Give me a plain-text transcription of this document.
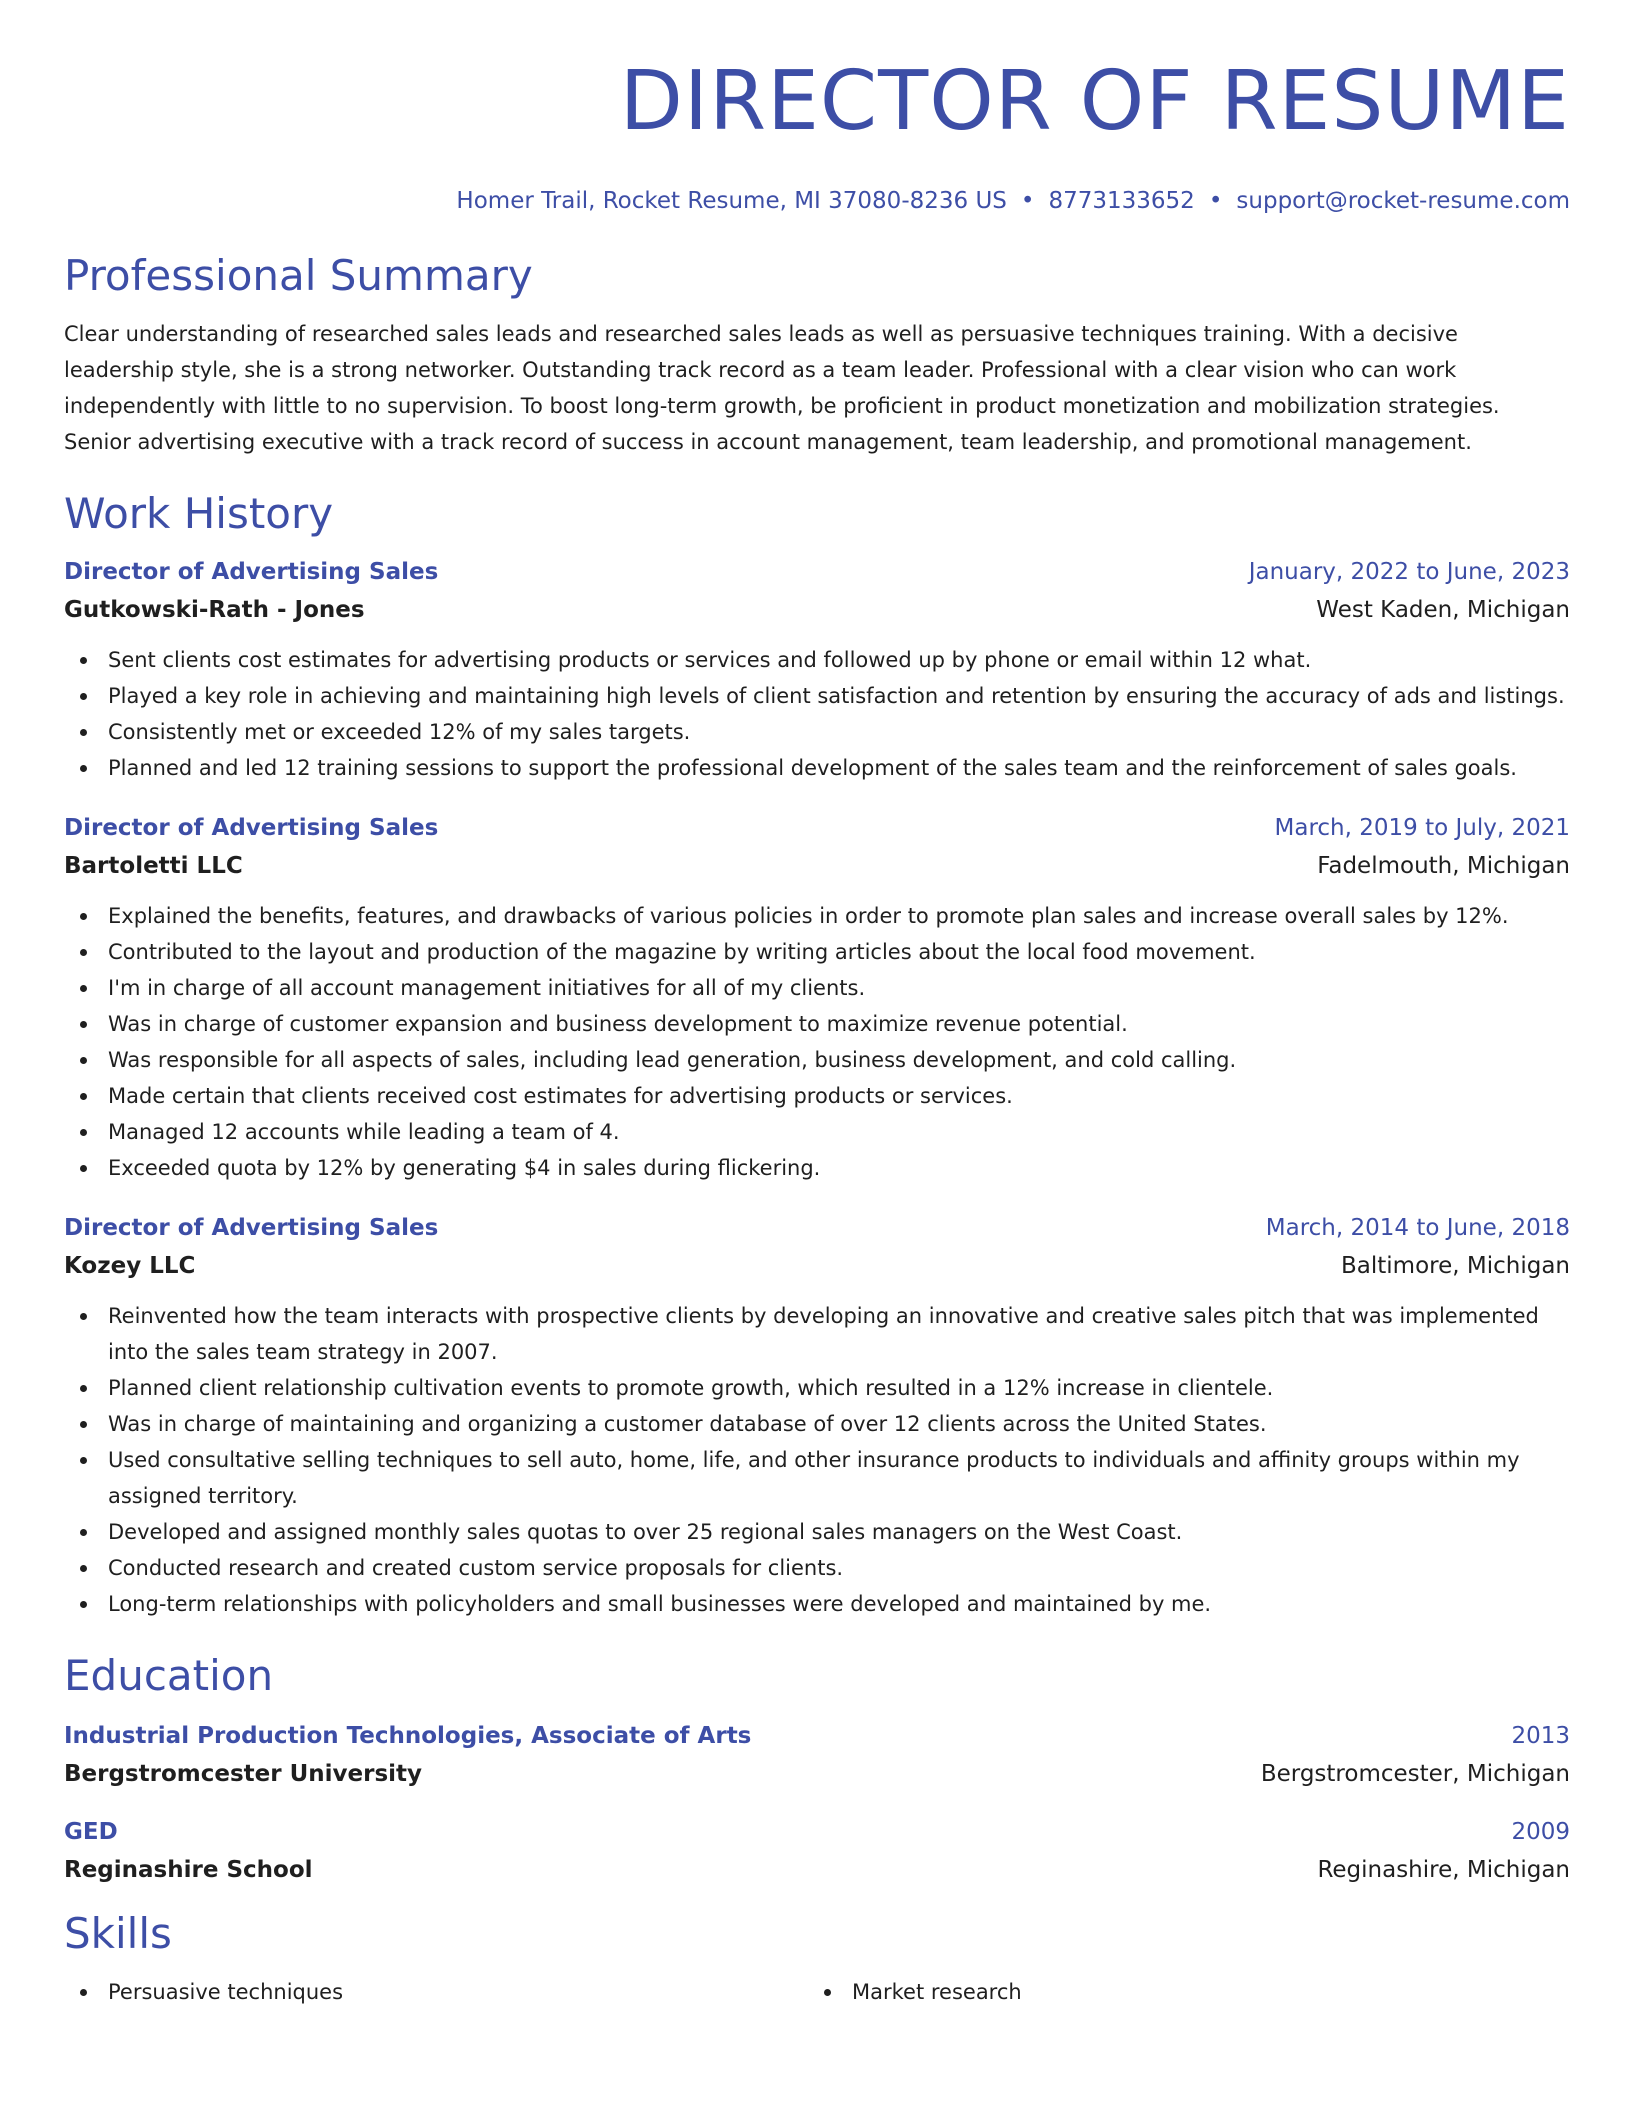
DIRECTOR OF RESUME
Homer Trail, Rocket Resume, MI 37080-8236 US • 8773133652 • support@rocket-resume.com
Professional Summary

Clear understanding of researched sales leads and researched sales leads as well as persuasive techniques training. With a decisive leadership style, she is a strong networker. Outstanding track record as a team leader. Professional with a clear vision who can work independently with little to no supervision. To boost long-term growth, be proficient in product monetization and mobilization strategies. Senior advertising executive with a track record of success in account management, team leadership, and promotional management.

Work History
Director of Advertising Sales	January, 2022 to June, 2023
Gutkowski-Rath - Jones	West Kaden, Michigan
Sent clients cost estimates for advertising products or services and followed up by phone or email within 12 what.
Played a key role in achieving and maintaining high levels of client satisfaction and retention by ensuring the accuracy of ads and listings.
Consistently met or exceeded 12% of my sales targets.
Planned and led 12 training sessions to support the professional development of the sales team and the reinforcement of sales goals.
Director of Advertising Sales	March, 2019 to July, 2021
Bartoletti LLC	Fadelmouth, Michigan
Explained the benefits, features, and drawbacks of various policies in order to promote plan sales and increase overall sales by 12%.
Contributed to the layout and production of the magazine by writing articles about the local food movement.
I'm in charge of all account management initiatives for all of my clients.
Was in charge of customer expansion and business development to maximize revenue potential.
Was responsible for all aspects of sales, including lead generation, business development, and cold calling.
Made certain that clients received cost estimates for advertising products or services.
Managed 12 accounts while leading a team of 4.
Exceeded quota by 12% by generating $4 in sales during flickering.
Director of Advertising Sales	March, 2014 to June, 2018
Kozey LLC	Baltimore, Michigan
Reinvented how the team interacts with prospective clients by developing an innovative and creative sales pitch that was implemented into the sales team strategy in 2007.
Planned client relationship cultivation events to promote growth, which resulted in a 12% increase in clientele.
Was in charge of maintaining and organizing a customer database of over 12 clients across the United States.
Used consultative selling techniques to sell auto, home, life, and other insurance products to individuals and affinity groups within my assigned territory.
Developed and assigned monthly sales quotas to over 25 regional sales managers on the West Coast.
Conducted research and created custom service proposals for clients.
Long-term relationships with policyholders and small businesses were developed and maintained by me.
Education
Industrial Production Technologies, Associate of Arts	2013
Bergstromcester University	Bergstromcester, Michigan
GED	2009
Reginashire School	Reginashire, Michigan
Skills
Persuasive techniques	Market research
